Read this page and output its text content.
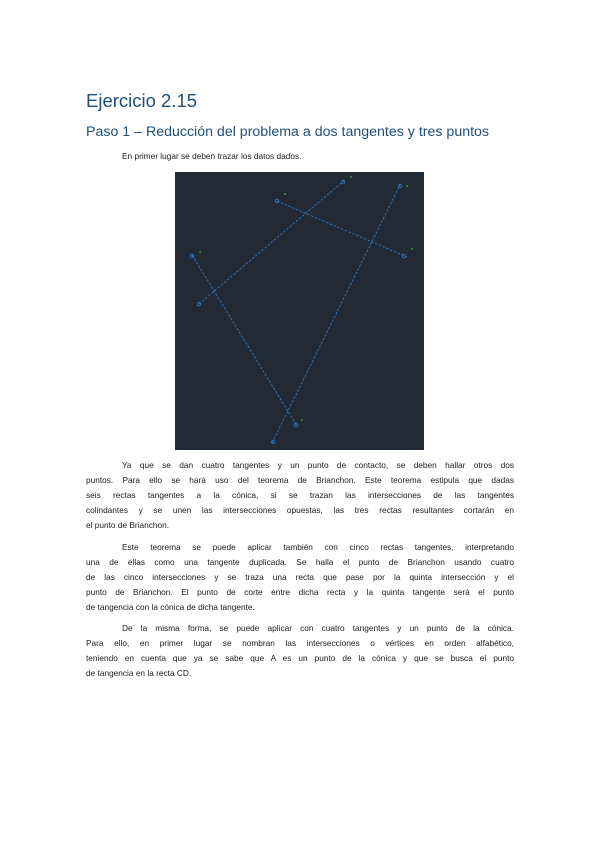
Ejercicio 2.15
Paso 1 – Reducción del problema a dos tangentes y tres puntos
En primer lugar se deben trazar los datos dados.
Ya que se dan cuatro tangentes y un punto de contacto, se deben hallar otros dos
puntos. Para ello se hará uso del teorema de Brianchon. Este teorema estipula que dadas
seis rectas tangentes a la cónica, si se trazan las intersecciones de las tangentes
colindantes y se unen las intersecciones opuestas, las tres rectas resultantes cortarán en
el punto de Brianchon.
Este teorema se puede aplicar también con cinco rectas tangentes, interpretando
una de ellas como una tangente duplicada. Se halla el punto de Brianchon usando cuatro
de las cinco intersecciones y se traza una recta que pase por la quinta intersección y el
punto de Brianchon. El punto de corte entre dicha recta y la quinta tangente será el punto
de tangencia con la cónica de dicha tangente.
De la misma forma, se puede aplicar con cuatro tangentes y un punto de la cónica.
Para ello, en primer lugar se nombran las intersecciones o vértices en orden alfabético,
teniendo en cuenta que ya se sabe que A es un punto de la cónica y que se busca el punto
de tangencia en la recta CD.
